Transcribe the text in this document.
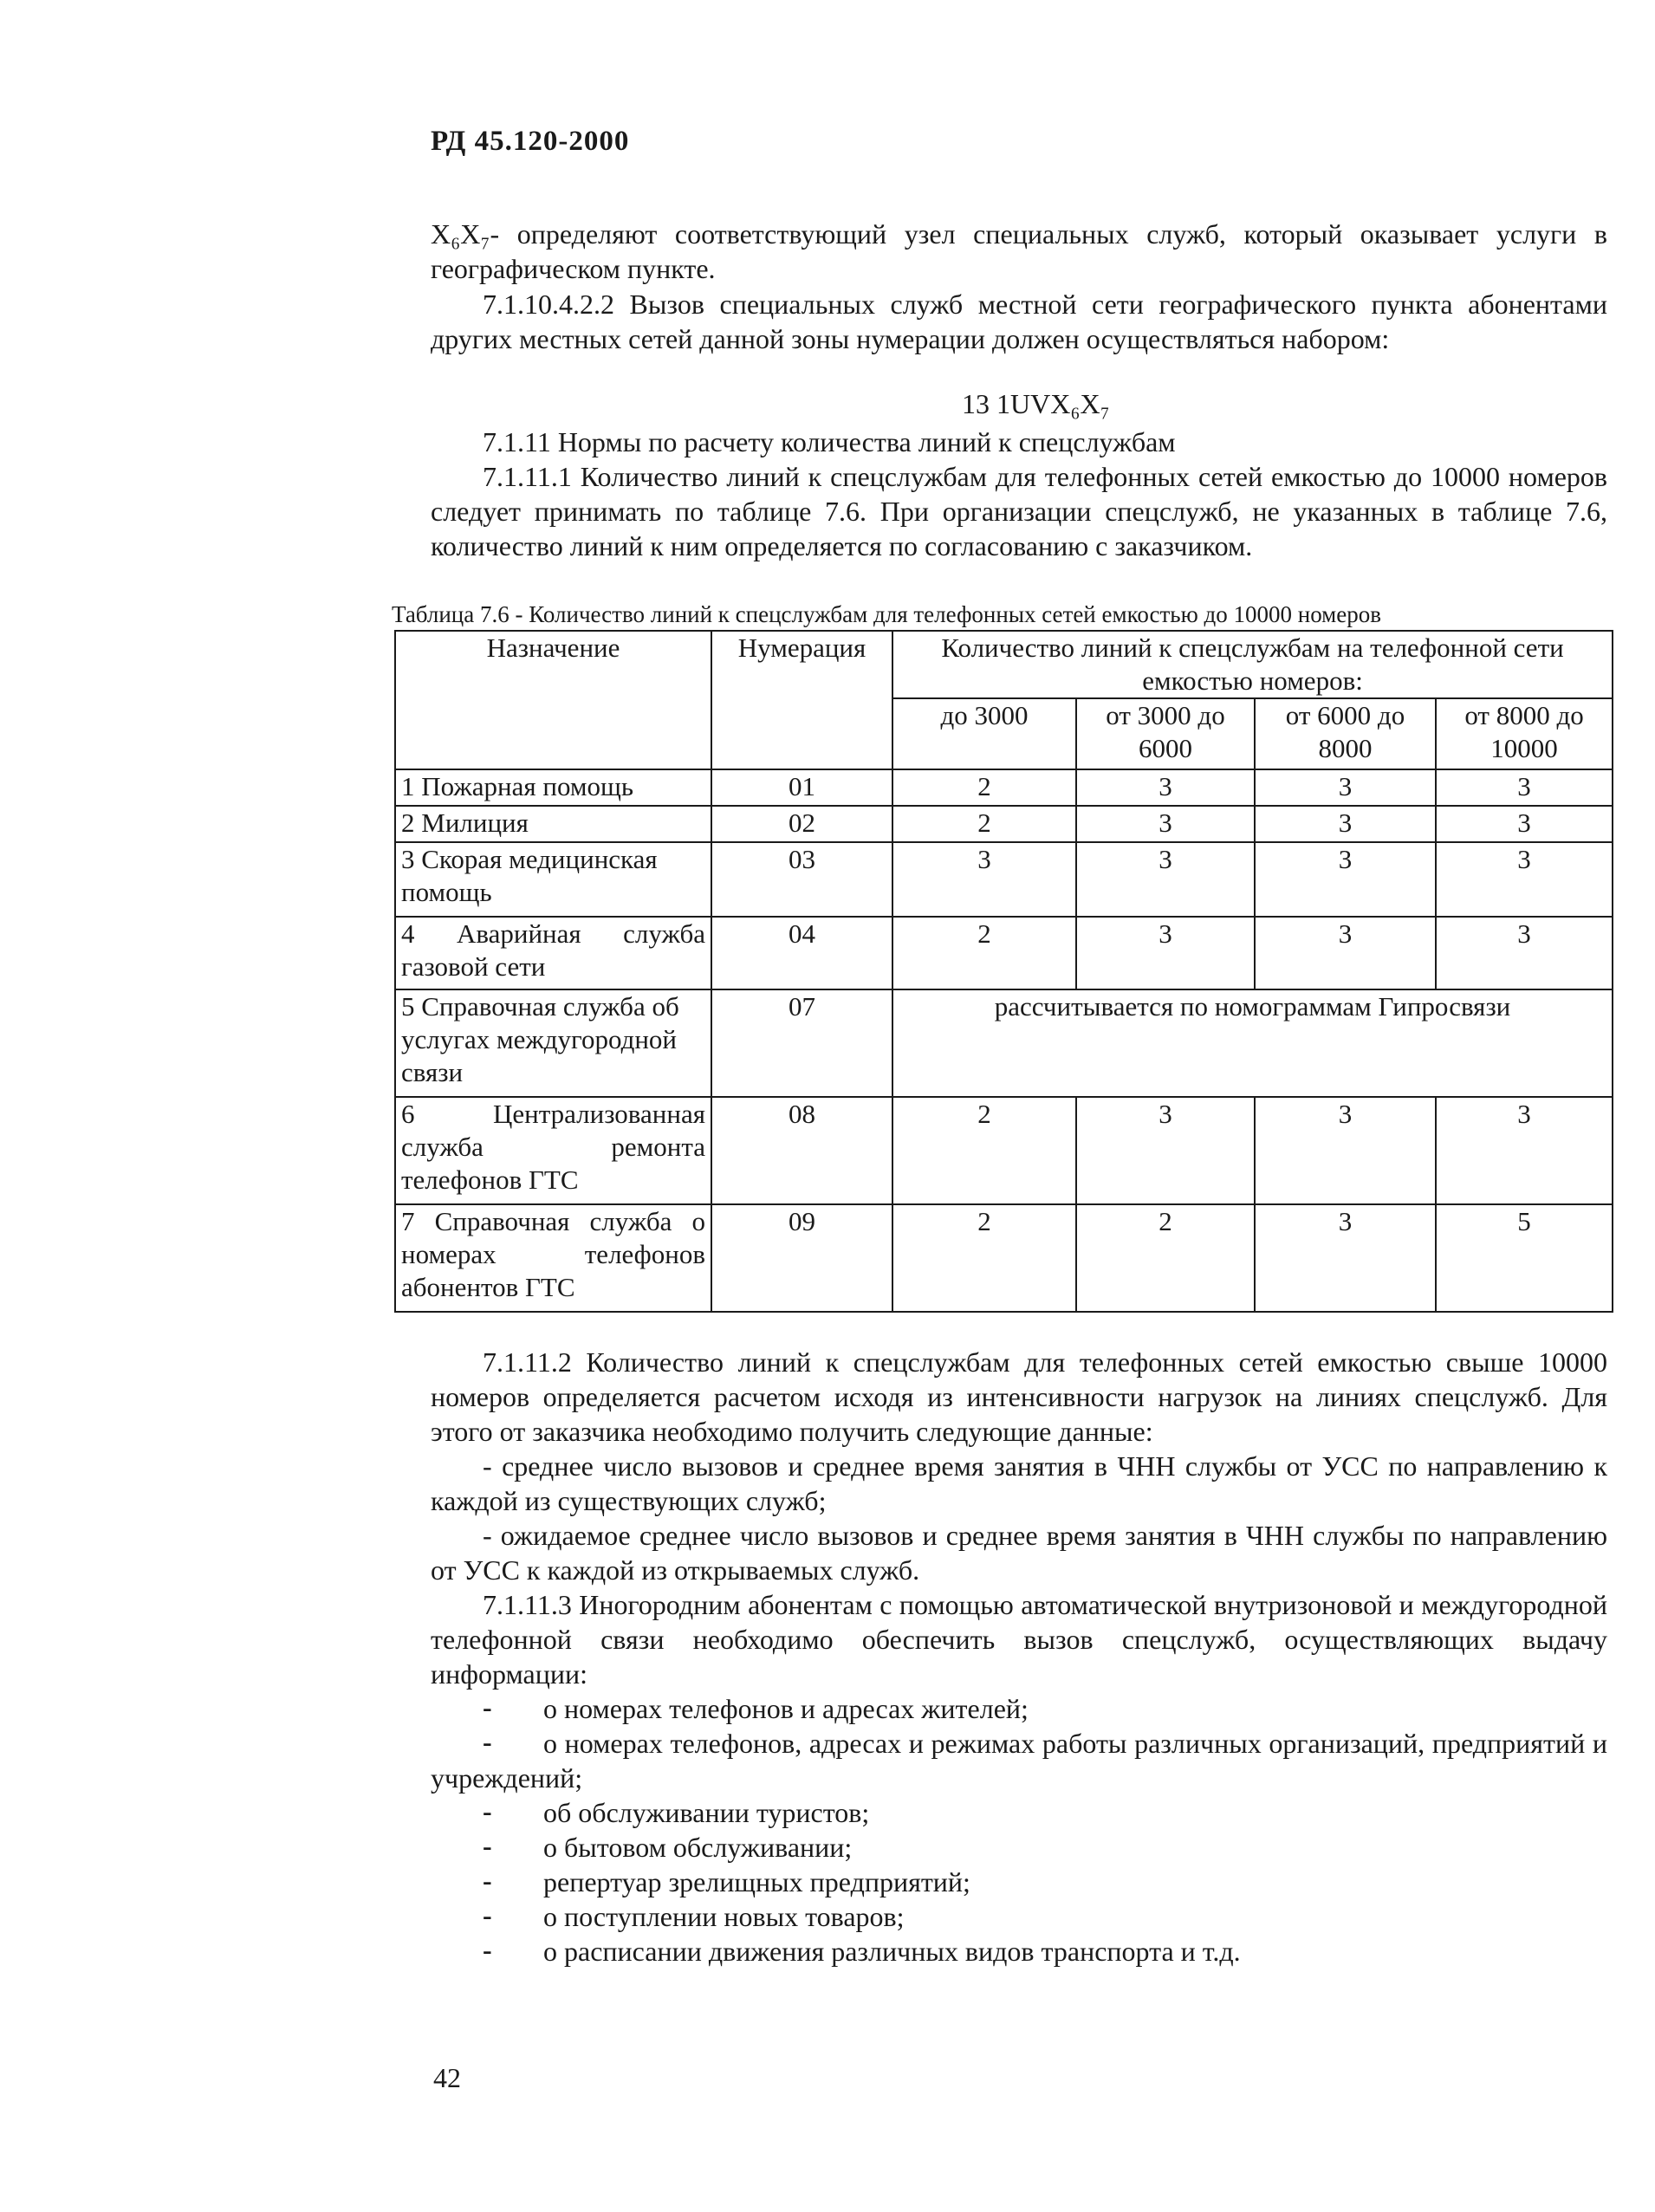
РД 45.120-2000
X₆X₇- определяют соответствующий узел специальных служб, который оказывает услуги в географическом пункте.
7.1.10.4.2.2 Вызов специальных служб местной сети географического пункта абонентами других местных сетей данной зоны нумерации должен осуществляться набором:
13 1UVX₆X₇
7.1.11 Нормы по расчету количества линий к спецслужбам
7.1.11.1 Количество линий к спецслужбам для телефонных сетей емкостью до 10000 номеров следует принимать по таблице 7.6. При организации спецслужб, не указанных в таблице 7.6, количество линий к ним определяется по согласованию с заказчиком.
Таблица 7.6 - Количество линий к спецслужбам для телефонных сетей емкостью до 10000 номеров
Назначение	Нумерация	Количество линий к спецслужбам на телефонной сети емкостью номеров:			
		до 3000	от 3000 до 6000	от 6000 до 8000	от 8000 до 10000
1 Пожарная помощь	01	2	3	3	3
2 Милиция	02	2	3	3	3
3 Скорая медицинская помощь	03	3	3	3	3
4 Аварийная служба газовой сети	04	2	3	3	3
5 Справочная служба об услугах междугородной связи	07	рассчитывается по номограммам Гипросвязи			
6 Централизованная служба ремонта телефонов ГТС	08	2	3	3	3
7 Справочная служба о номерах телефонов абонентов ГТС	09	2	2	3	5
7.1.11.2 Количество линий к спецслужбам для телефонных сетей емкостью свыше 10000 номеров определяется расчетом исходя из интенсивности нагрузок на линиях спецслужб. Для этого от заказчика необходимо получить следующие данные:
- среднее число вызовов и среднее время занятия в ЧНН службы от УСС по направлению к каждой из существующих служб;
- ожидаемое среднее число вызовов и среднее время занятия в ЧНН службы по направлению от УСС к каждой из открываемых служб.
7.1.11.3 Иногородним абонентам с помощью автоматической внутризоновой и междугородной телефонной связи необходимо обеспечить вызов спецслужб, осуществляющих выдачу информации:
- о номерах телефонов и адресах жителей;
-	о номерах телефонов, адресах и режимах работы различных организаций, предприятий и учреждений;
- об обслуживании туристов;
- о бытовом обслуживании;
- репертуар зрелищных предприятий;
- о поступлении новых товаров;
- о расписании движения различных видов транспорта и т.д.
42
